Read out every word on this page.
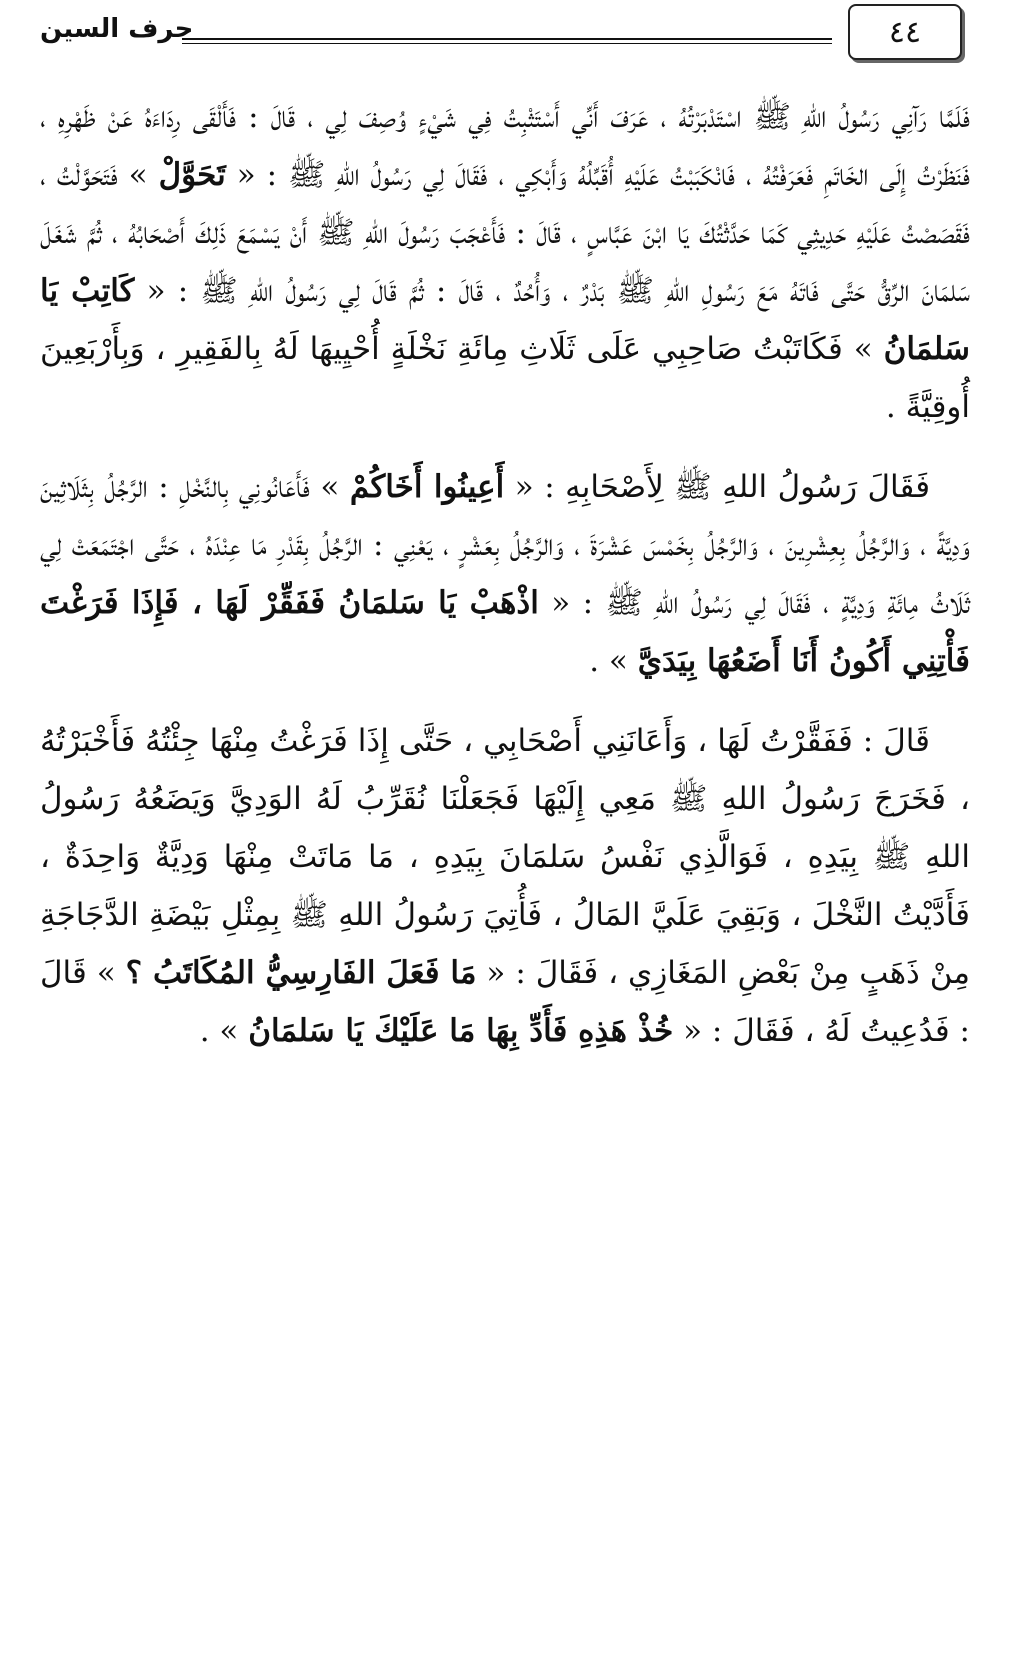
٤٤
حرف السين

فَلَمَّا رَآنِي رَسُولُ اللهِ ﷺ اسْتَدْبَرْتُهُ ، عَرَفَ أَنِّي أَسْتَثْبِتُ فِي شَيْءٍ وُصِفَ لِي ، قَالَ : فَأَلْقَى رِدَاءَهُ عَنْ ظَهْرِهِ ، فَنَظَرْتُ إِلَى الخَاتَمِ فَعَرَفْتُهُ ، فَانْكَبَبْتُ عَلَيْهِ أُقَبِّلُهُ وَأَبْكِي ، فَقَالَ لِي رَسُولُ اللهِ ﷺ : « تَحَوَّلْ » فَتَحَوَّلْتُ ، فَقَصَصْتُ عَلَيْهِ حَدِيثِي كَمَا حَدَّثْتُكَ يَا ابْنَ عَبَّاسٍ ، قَالَ : فَأَعْجَبَ رَسُولَ اللهِ ﷺ أَنْ يَسْمَعَ ذَلِكَ أَصْحَابُهُ ، ثُمَّ شَغَلَ سَلمَانَ الرِّقُّ حَتَّى فَاتَهُ مَعَ رَسُولِ اللهِ ﷺ بَدْرٌ ، وَأُحُدٌ ، قَالَ : ثُمَّ قَالَ لِي رَسُولُ اللهِ ﷺ : « كَاتِبْ يَا سَلمَانُ » فَكَاتَبْتُ صَاحِبِي عَلَى ثَلَاثِ مِائَةِ نَخْلَةٍ أُحْيِيهَا لَهُ بِالفَقِيرِ ، وَبِأَرْبَعِينَ أُوقِيَّةً .

فَقَالَ رَسُولُ اللهِ ﷺ لِأَصْحَابِهِ : « أَعِينُوا أَخَاكُمْ » فَأَعَانُونِي بِالنَّخْلِ : الرَّجُلُ بِثَلَاثِينَ وَدِيَّةً ، وَالرَّجُلُ بِعِشْرِينَ ، وَالرَّجُلُ بِخَمْسَ عَشْرَةَ ، وَالرَّجُلُ بِعَشْرٍ ، يَعْنِي : الرَّجُلُ بِقَدْرِ مَا عِنْدَهُ ، حَتَّى اجْتَمَعَتْ لِي ثَلَاثُ مِائَةِ وَدِيَّةٍ ، فَقَالَ لِي رَسُولُ اللهِ ﷺ : « اذْهَبْ يَا سَلمَانُ فَفَقِّرْ لَهَا ، فَإِذَا فَرَغْتَ فَأْتِنِي أَكُونُ أَنَا أَضَعُهَا بِيَدَيَّ » .

قَالَ : فَفَقَّرْتُ لَهَا ، وَأَعَانَنِي أَصْحَابِي ، حَتَّى إِذَا فَرَغْتُ مِنْهَا جِئْتُهُ فَأَخْبَرْتُهُ ، فَخَرَجَ رَسُولُ اللهِ ﷺ مَعِي إِلَيْهَا فَجَعَلْنَا نُقَرِّبُ لَهُ الوَدِيَّ وَيَضَعُهُ رَسُولُ اللهِ ﷺ بِيَدِهِ ، فَوَالَّذِي نَفْسُ سَلمَانَ بِيَدِهِ ، مَا مَاتَتْ مِنْهَا وَدِيَّةٌ وَاحِدَةٌ ، فَأَدَّيْتُ النَّخْلَ ، وَبَقِيَ عَلَيَّ المَالُ ، فَأُتِيَ رَسُولُ اللهِ ﷺ بِمِثْلِ بَيْضَةِ الدَّجَاجَةِ مِنْ ذَهَبٍ مِنْ بَعْضِ المَغَازِي ، فَقَالَ : « مَا فَعَلَ الفَارِسِيُّ المُكَاتَبُ ؟ » قَالَ : فَدُعِيتُ لَهُ ، فَقَالَ : « خُذْ هَذِهِ فَأَدِّ بِهَا مَا عَلَيْكَ يَا سَلمَانُ » .
